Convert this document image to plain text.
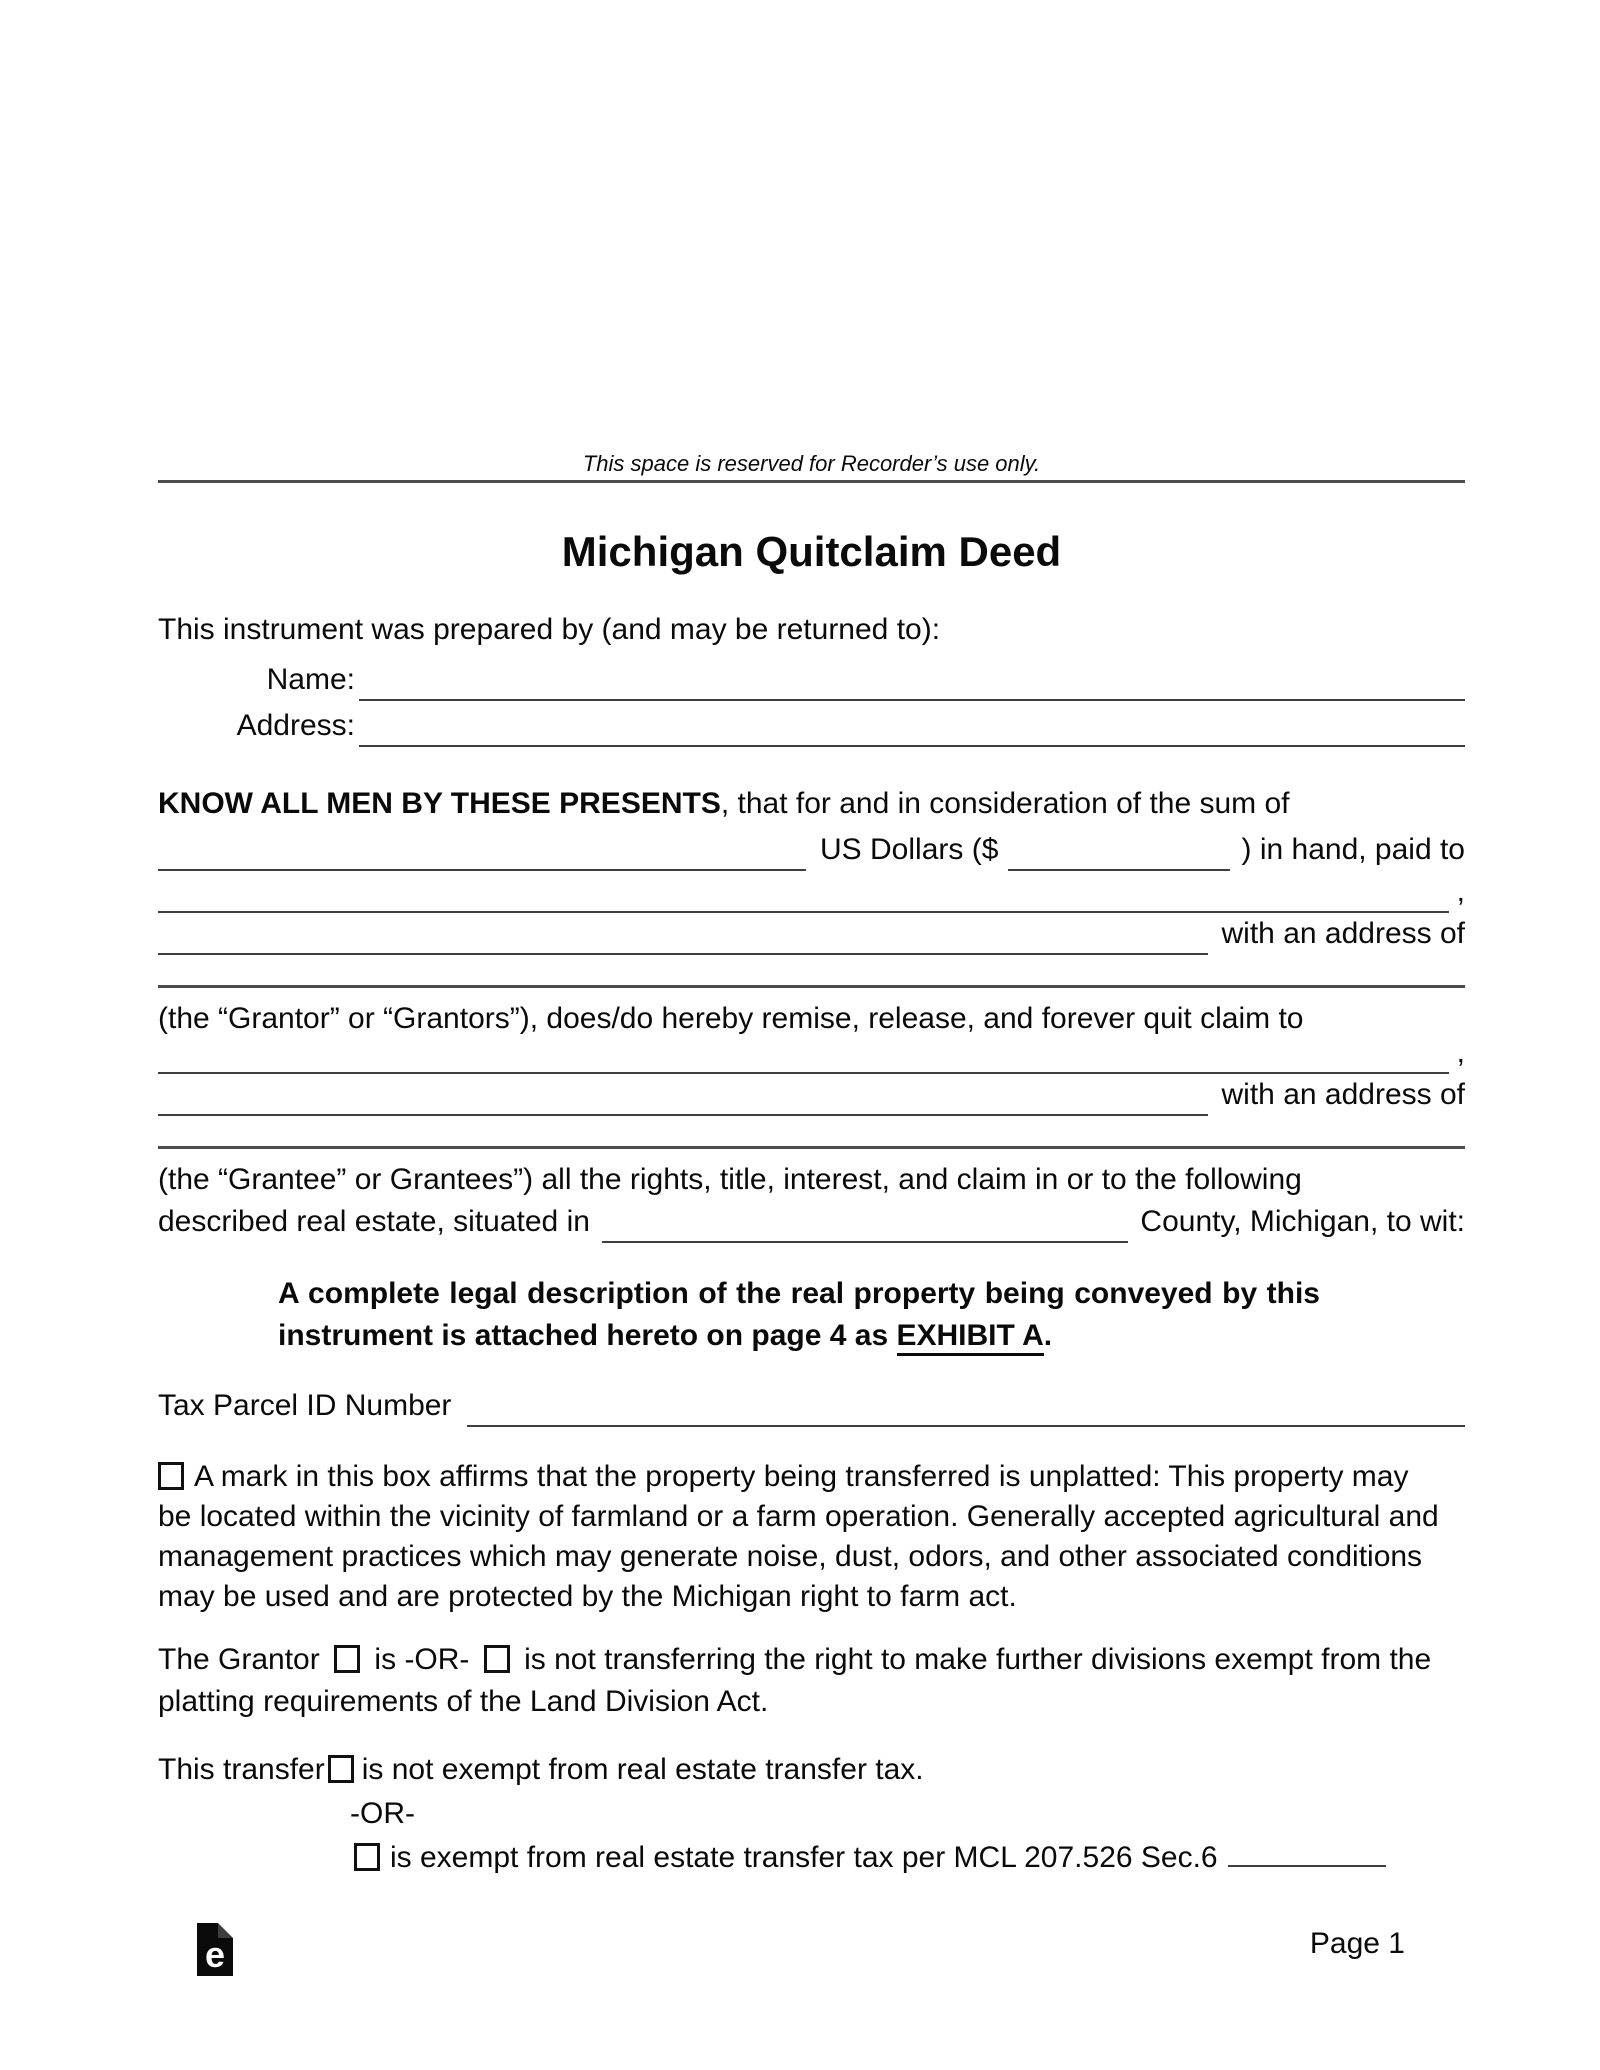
This space is reserved for Recorder’s use only.
Michigan Quitclaim Deed
This instrument was prepared by (and may be returned to):
Name:
Address:
KNOW ALL MEN BY THESE PRESENTS, that for and in consideration of the sum of
US Dollars ($	) in hand, paid to
,
with an address of
(the “Grantor” or “Grantors”), does/do hereby remise, release, and forever quit claim to
,
with an address of
(the “Grantee” or Grantees”) all the rights, title, interest, and claim in or to the following
described real estate, situated in	County, Michigan, to wit:
A complete legal description of the real property being conveyed by this
instrument is attached hereto on page 4 as EXHIBIT A.
Tax Parcel ID Number
A mark in this box affirms that the property being transferred is unplatted: This property may
be located within the vicinity of farmland or a farm operation. Generally accepted agricultural and
management practices which may generate noise, dust, odors, and other associated conditions
may be used and are protected by the Michigan right to farm act.
The Grantor is -OR- is not transferring the right to make further divisions exempt from the
platting requirements of the Land Division Act.
This transfer is not exempt from real estate transfer tax.
-OR-
is exempt from real estate transfer tax per MCL 207.526 Sec.6
e	Page 1
